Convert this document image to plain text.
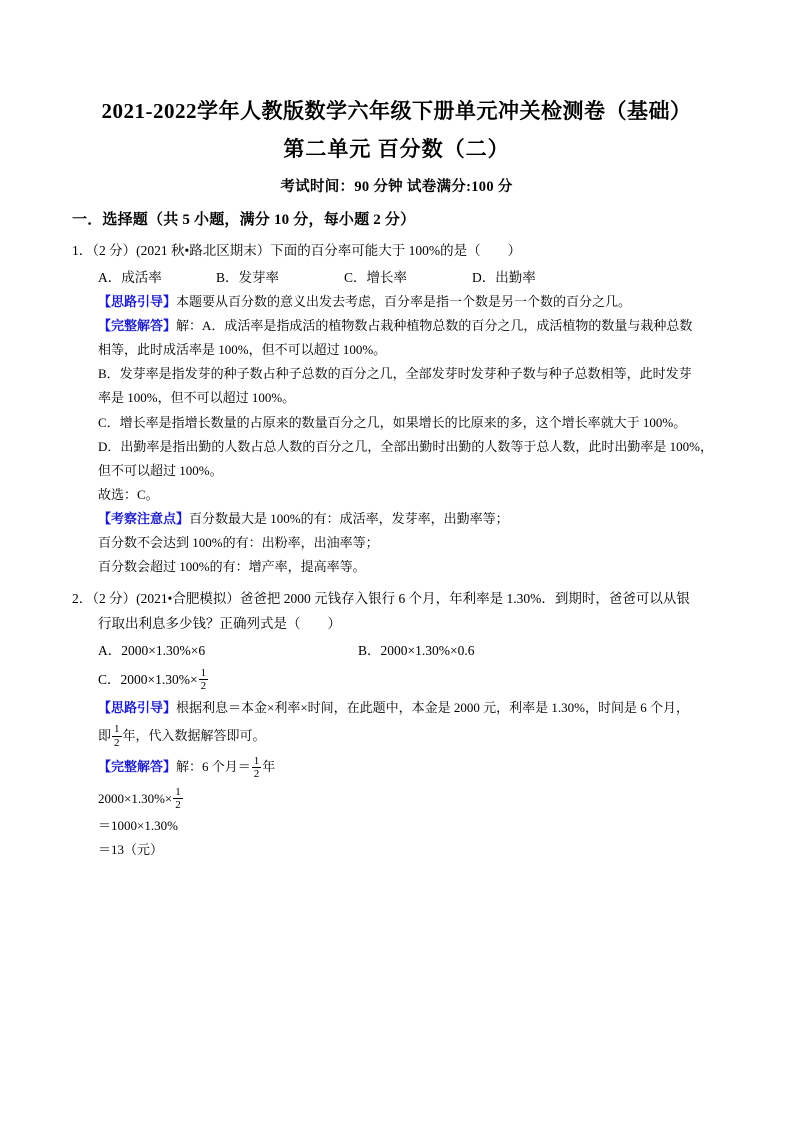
2021-2022学年人教版数学六年级下册单元冲关检测卷（基础）
第二单元 百分数（二）
考试时间：90 分钟 试卷满分:100 分
一．选择题（共 5 小题，满分 10 分，每小题 2 分）

1．（2 分）(2021 秋•路北区期末）下面的百分率可能大于 100%的是（　　）

A．成活率	B．发芽率	C．增长率	D．出勤率

【思路引导】本题要从百分数的意义出发去考虑，百分率是指一个数是另一个数的百分之几。

【完整解答】解：A．成活率是指成活的植物数占栽种植物总数的百分之几，成活植物的数量与栽种总数

相等，此时成活率是 100%，但不可以超过 100%。

B．发芽率是指发芽的种子数占种子总数的百分之几，全部发芽时发芽种子数与种子总数相等，此时发芽

率是 100%，但不可以超过 100%。

C．增长率是指增长数量的占原来的数量百分之几，如果增长的比原来的多，这个增长率就大于 100%。

D．出勤率是指出勤的人数占总人数的百分之几，全部出勤时出勤的人数等于总人数，此时出勤率是 100%，

但不可以超过 100%。

故选：C。

【考察注意点】百分数最大是 100%的有：成活率，发芽率，出勤率等；

百分数不会达到 100%的有：出粉率，出油率等；

百分数会超过 100%的有：增产率，提高率等。

2．（2 分）(2021•合肥模拟）爸爸把 2000 元钱存入银行 6 个月，年利率是 1.30%．到期时，爸爸可以从银

行取出利息多少钱？正确列式是（　　）

A．2000×1.30%×6	B．2000×1.30%×0.6
C．$2000\times 1.30\%\times \frac{1}{2}$

【思路引导】根据利息＝本金×利率×时间，在此题中，本金是 2000 元，利率是 1.30%，时间是 6 个月，

即 $\frac{1}{2}$ 年，代入数据解答即可。

【完整解答】解：6 个月＝ $\frac{1}{2}$ 年

$2000\times 1.30\%\times \frac{1}{2}$

＝1000×1.30%

＝13（元）
